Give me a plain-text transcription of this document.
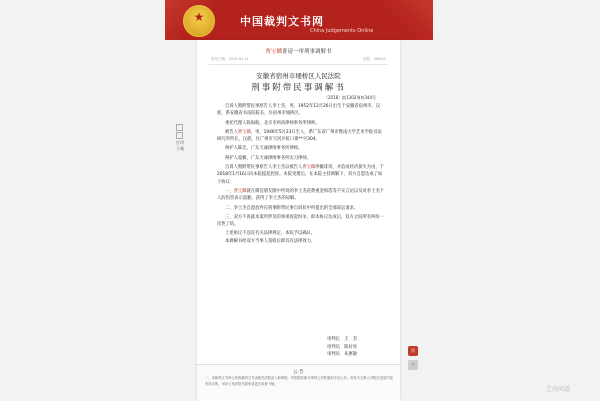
★	中国裁判文书网
China Judgements Online
打印 下载
曹宝麟诽谤一审刑事调解书
发布日期：2019-02-11	浏览：0000次
安徽省宿州市埇桥区人民法院
刑事附带民事调解书
（2018）皖1302刑初344号

自诉人暨附带民事原告人李士杰，男，1952年12月26日出生于安徽省宿州市，汉族，系安徽省书法院院长，住宿州市埇桥区。

委托代理人陈海航，北京市两高律师事务所律师。

被告人曹宝麟，男，1946年5月23日生人，系广东省广州市暨南大学艺术学院书法研究所所长，汉族，住广州市天河区虹口街**号304。

辩护人陈忠，广东天诚律师事务所律师。

辩护人夏楠，广东天诚律师事务所实习律师。

自诉人暨附带民事原告人李士杰以被告人曹宝麟涉嫌诽谤，并造成经济损失为由，于2018年1月16日向本院提起控诉。本院受理后，在本院主持调解下，双方自愿达成了如下协议：

一、曹宝麟就在微信朋友圈中所说的李士杰花费重金购选等不实言论以及对李士杰个人的伤害表示道歉，获得了李士杰的谅解。

二、李士杰自愿放弃在刑事附带民事自诉状中所提出的全部诉讼请求。

三、双方不再就本案所涉及的事项再起纷争，即本协议达成后，双方之间所有纠纷一次性了结。

上述协议不违反有关法律规定，本院予以确认。

本调解书经双方当事人签收后即具有法律效力。

审判长　王　杰
审判员　陈好亮
审判员　朱惠敏
公 告
一、本裁判文书库公布的裁判文书由相关法院录入和审核，并依据法律与审判公开的原则予以公开。若有关当事人对相关信息内容有异议的，可向公布法院书面申请更正或者下镜。
顶
↑
艺海问道
